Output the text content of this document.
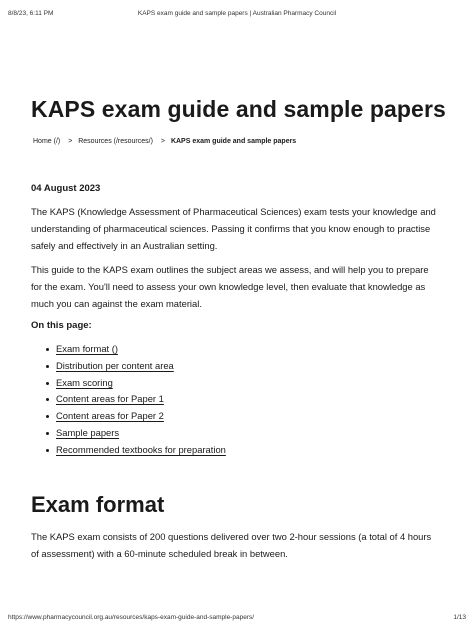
8/8/23, 6:11 PM	KAPS exam guide and sample papers | Australian Pharmacy Council
KAPS exam guide and sample papers
Home (/) > Resources (/resources/) > KAPS exam guide and sample papers
04 August 2023

The KAPS (Knowledge Assessment of Pharmaceutical Sciences) exam tests your knowledge and understanding of pharmaceutical sciences. Passing it confirms that you know enough to practise safely and effectively in an Australian setting.

This guide to the KAPS exam outlines the subject areas we assess, and will help you to prepare for the exam. You'll need to assess your own knowledge level, then evaluate that knowledge as much you can against the exam material.

On this page:
Exam format ()
Distribution per content area
Exam scoring
Content areas for Paper 1
Content areas for Paper 2
Sample papers
Recommended textbooks for preparation
Exam format

The KAPS exam consists of 200 questions delivered over two 2-hour sessions (a total of 4 hours of assessment) with a 60-minute scheduled break in between.

https://www.pharmacycouncil.org.au/resources/kaps-exam-guide-and-sample-papers/	1/13
